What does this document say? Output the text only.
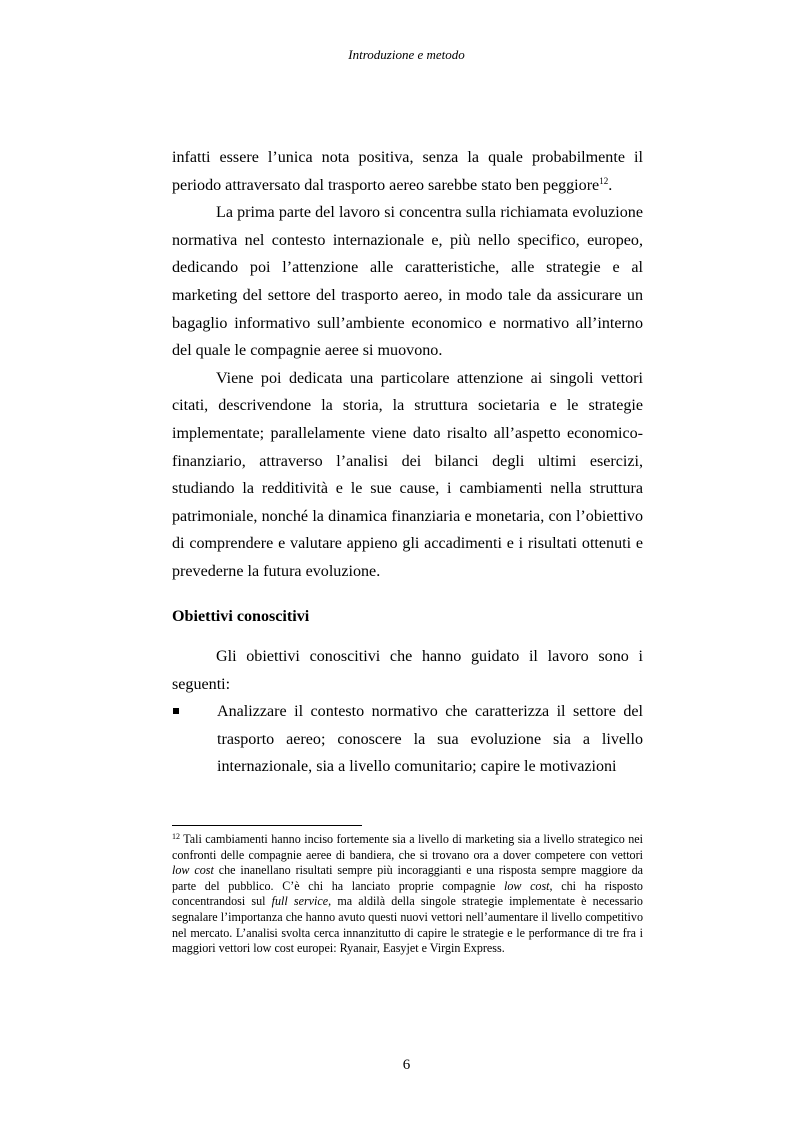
Introduzione e metodo

infatti essere l’unica nota positiva, senza la quale probabilmente il periodo attraversato dal trasporto aereo sarebbe stato ben peggiore$^{12}$.

La prima parte del lavoro si concentra sulla richiamata evoluzione normativa nel contesto internazionale e, più nello specifico, europeo, dedicando poi l’attenzione alle caratteristiche, alle strategie e al marketing del settore del trasporto aereo, in modo tale da assicurare un bagaglio informativo sull’ambiente economico e normativo all’interno del quale le compagnie aeree si muovono.

Viene poi dedicata una particolare attenzione ai singoli vettori citati, descrivendone la storia, la struttura societaria e le strategie implementate; parallelamente viene dato risalto all’aspetto economico-finanziario, attraverso l’analisi dei bilanci degli ultimi esercizi, studiando la redditività e le sue cause, i cambiamenti nella struttura patrimoniale, nonché la dinamica finanziaria e monetaria, con l’obiettivo di comprendere e valutare appieno gli accadimenti e i risultati ottenuti e prevederne la futura evoluzione.

Obiettivi conoscitivi

Gli obiettivi conoscitivi che hanno guidato il lavoro sono i seguenti:

Analizzare il contesto normativo che caratterizza il settore del trasporto aereo; conoscere la sua evoluzione sia a livello internazionale, sia a livello comunitario; capire le motivazioni
$^{12}$ Tali cambiamenti hanno inciso fortemente sia a livello di marketing sia a livello strategico nei confronti delle compagnie aeree di bandiera, che si trovano ora a dover competere con vettori low cost che inanellano risultati sempre più incoraggianti e una risposta sempre maggiore da parte del pubblico. C’è chi ha lanciato proprie compagnie low cost, chi ha risposto concentrandosi sul full service, ma aldilà della singole strategie implementate è necessario segnalare l’importanza che hanno avuto questi nuovi vettori nell’aumentare il livello competitivo nel mercato. L’analisi svolta cerca innanzitutto di capire le strategie e le performance di tre fra i maggiori vettori low cost europei: Ryanair, Easyjet e Virgin Express.
6
